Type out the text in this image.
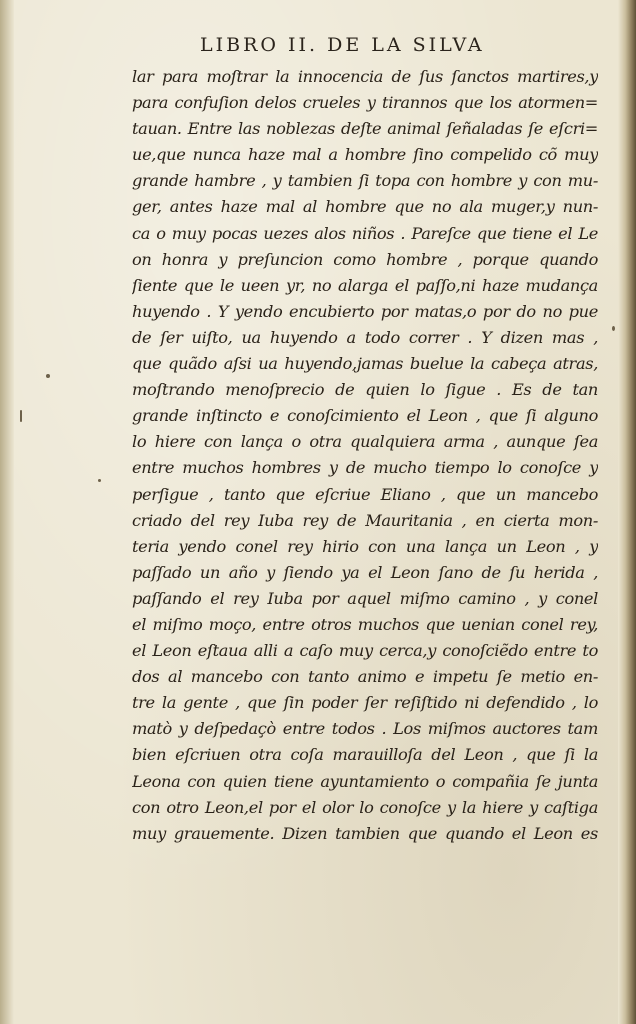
LIBRO II. DE LA SILVA
lar para moſtrar la innocencia de ſus ſanctos martires,y
para confuſion delos crueles y tirannos que los atormen=
tauan. Entre las noblezas deſte animal ſeñaladas ſe eſcri=
ue,que nunca haze mal a hombre ſino compelido cõ muy
grande hambre , y tambien ſi topa con hombre y con mu-
ger, antes haze mal al hombre que no ala muger,y nun-
ca o muy pocas uezes alos niños . Pareſce que tiene el Le
on honra y preſuncion como hombre , porque quando
ſiente que le ueen yr, no alarga el paſſo,ni haze mudança
huyendo . Y yendo encubierto por matas,o por do no pue
de ſer uiſto, ua huyendo a todo correr . Y dizen mas ,
que quãdo aſsi ua huyendo,jamas buelue la cabeça atras,
moſtrando menoſprecio de quien lo ſigue . Es de tan
grande inſtincto e conoſcimiento el Leon , que ſi alguno
lo hiere con lança o otra qualquiera arma , aunque ſea
entre muchos hombres y de mucho tiempo lo conoſce y
perſigue , tanto que eſcriue Eliano , que un mancebo
criado del rey Iuba rey de Mauritania , en cierta mon-
teria yendo conel rey hirio con una lança un Leon , y
paſſado un año y ſiendo ya el Leon ſano de ſu herida ,
paſſando el rey Iuba por aquel miſmo camino , y conel
el miſmo moço, entre otros muchos que uenian conel rey,
el Leon eſtaua alli a caſo muy cerca,y conoſciẽdo entre to
dos al mancebo con tanto animo e impetu ſe metio en-
tre la gente , que ſin poder ſer reſiſtido ni defendido , lo
matò y deſpedaçò entre todos . Los miſmos auctores tam
bien eſcriuen otra coſa marauilloſa del Leon , que ſi la
Leona con quien tiene ayuntamiento o compañia ſe junta
con otro Leon,el por el olor lo conoſce y la hiere y caſtiga
muy grauemente. Dizen tambien que quando el Leon es
